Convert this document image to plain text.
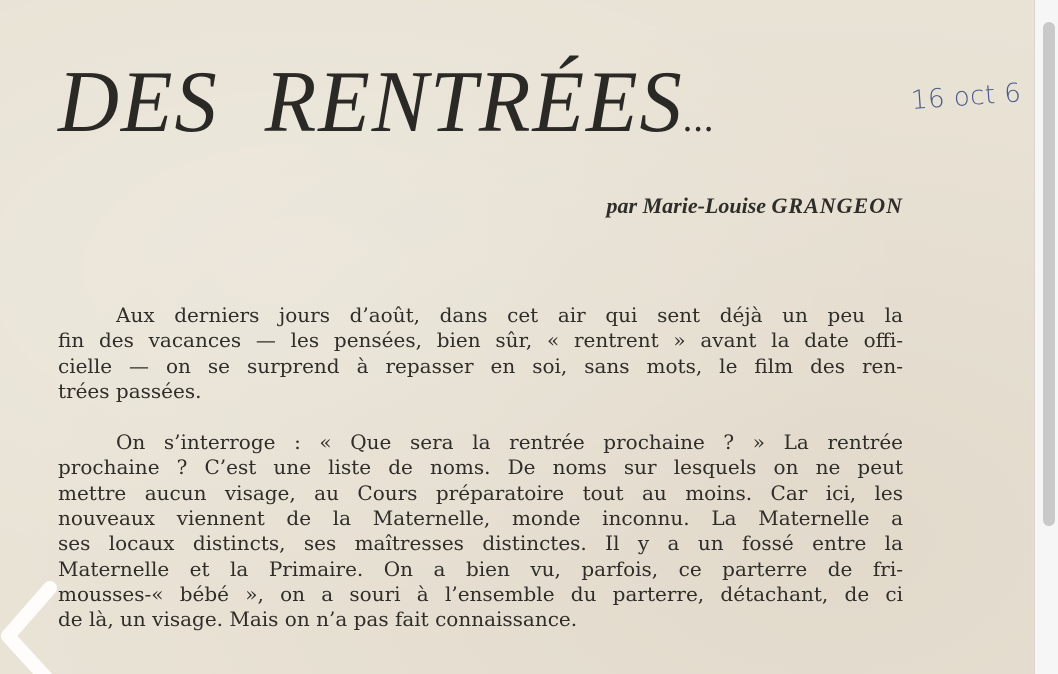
DES RENTRÉES...	16 oct 6
par Marie-Louise GRANGEON
Aux derniers jours d’août, dans cet air qui sent déjà un peu la
fin des vacances — les pensées, bien sûr, « rentrent » avant la date offi-
cielle — on se surprend à repasser en soi, sans mots, le film des ren-
trées passées.
On s’interroge : « Que sera la rentrée prochaine ? » La rentrée
prochaine ? C’est une liste de noms. De noms sur lesquels on ne peut
mettre aucun visage, au Cours préparatoire tout au moins. Car ici, les
nouveaux viennent de la Maternelle, monde inconnu. La Maternelle a
ses locaux distincts, ses maîtresses distinctes. Il y a un fossé entre la
Maternelle et la Primaire. On a bien vu, parfois, ce parterre de fri-
mousses-« bébé », on a souri à l’ensemble du parterre, détachant, de ci
de là, un visage. Mais on n’a pas fait connaissance.
